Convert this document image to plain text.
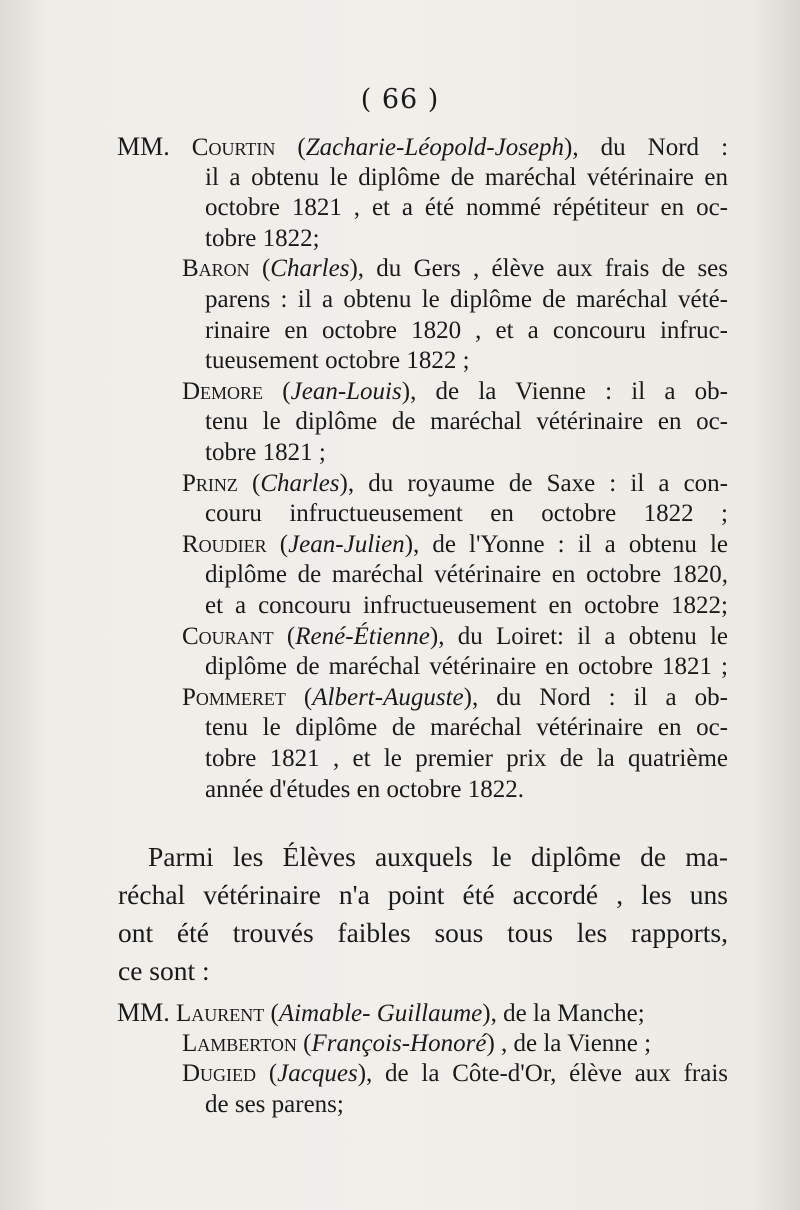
( 66 )
MM. Courtin (Zacharie-Léopold-Joseph), du Nord :
il a obtenu le diplôme de maréchal vétérinaire en
octobre 1821 , et a été nommé répétiteur en oc-
tobre 1822;
Baron (Charles), du Gers , élève aux frais de ses
parens : il a obtenu le diplôme de maréchal vété-
rinaire en octobre 1820 , et a concouru infruc-
tueusement octobre 1822 ;
Demore (Jean-Louis), de la Vienne : il a ob-
tenu le diplôme de maréchal vétérinaire en oc-
tobre 1821 ;
Prinz (Charles), du royaume de Saxe : il a con-
couru infructueusement en octobre 1822 ;
Roudier (Jean-Julien), de l'Yonne : il a obtenu le
diplôme de maréchal vétérinaire en octobre 1820,
et a concouru infructueusement en octobre 1822;
Courant (René-Étienne), du Loiret: il a obtenu le
diplôme de maréchal vétérinaire en octobre 1821 ;
Pommeret (Albert-Auguste), du Nord : il a ob-
tenu le diplôme de maréchal vétérinaire en oc-
tobre 1821 , et le premier prix de la quatrième
année d'études en octobre 1822.
Parmi les Élèves auxquels le diplôme de ma-
réchal vétérinaire n'a point été accordé , les uns
ont été trouvés faibles sous tous les rapports,
ce sont :
MM. Laurent (Aimable- Guillaume), de la Manche;
Lamberton (François-Honoré) , de la Vienne ;
Dugied (Jacques), de la Côte-d'Or, élève aux frais
de ses parens;
